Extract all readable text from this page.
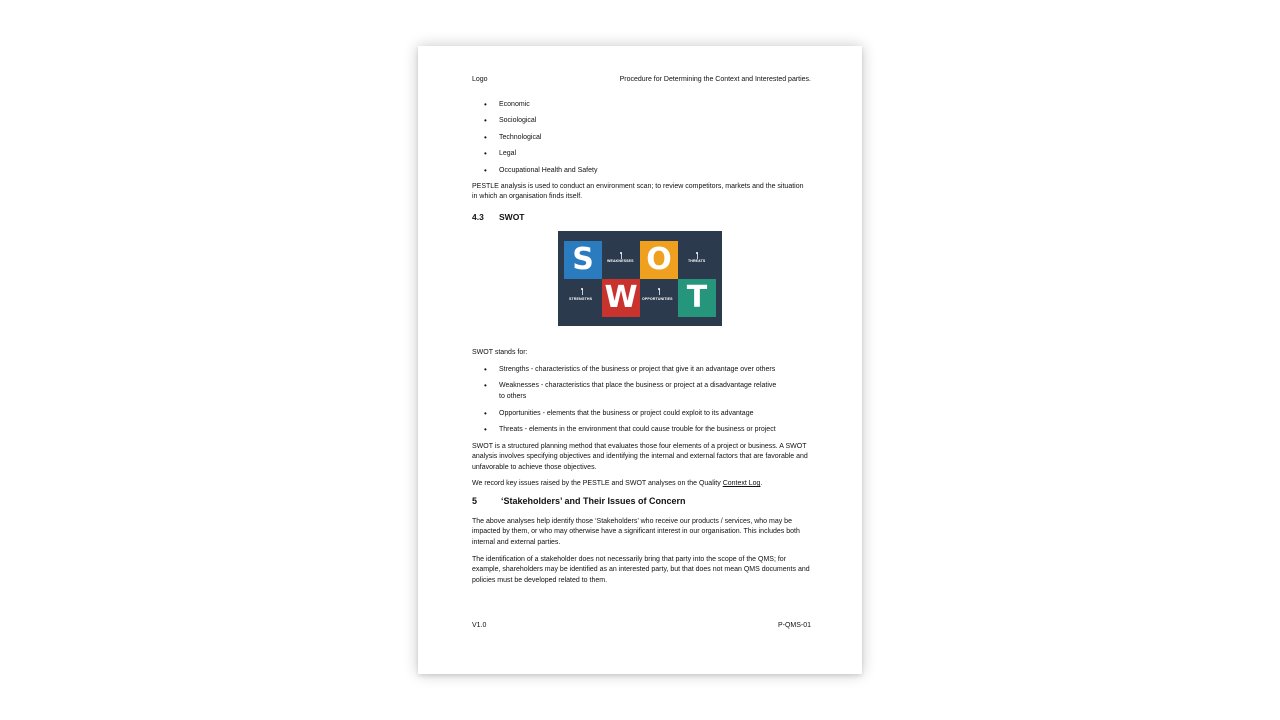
Logo	Procedure for Determining the Context and Interested parties.
• Economic
• Sociological
• Technological
• Legal
• Occupational Health and Safety

PESTLE analysis is used to conduct an environment scan; to review competitors, markets and the situation in which an organisation finds itself.

4.3 SWOT
S
W
O
T
WEAKNESSES	THREATS
STRENGTHS	OPPORTUNITIES

SWOT stands for:

• Strengths - characteristics of the business or project that give it an advantage over others
• Weaknesses - characteristics that place the business or project at a disadvantage relative to others
• Opportunities - elements that the business or project could exploit to its advantage
• Threats - elements in the environment that could cause trouble for the business or project

SWOT is a structured planning method that evaluates those four elements of a project or business. A SWOT analysis involves specifying objectives and identifying the internal and external factors that are favorable and unfavorable to achieve those objectives.

We record key issues raised by the PESTLE and SWOT analyses on the Quality Context Log.

5	‘Stakeholders’ and Their Issues of Concern

The above analyses help identify those ‘Stakeholders’ who receive our products / services, who may be impacted by them, or who may otherwise have a significant interest in our organisation. This includes both internal and external parties.

The identification of a stakeholder does not necessarily bring that party into the scope of the QMS; for example, shareholders may be identified as an interested party, but that does not mean QMS documents and policies must be developed related to them.

V1.0	P-QMS-01
